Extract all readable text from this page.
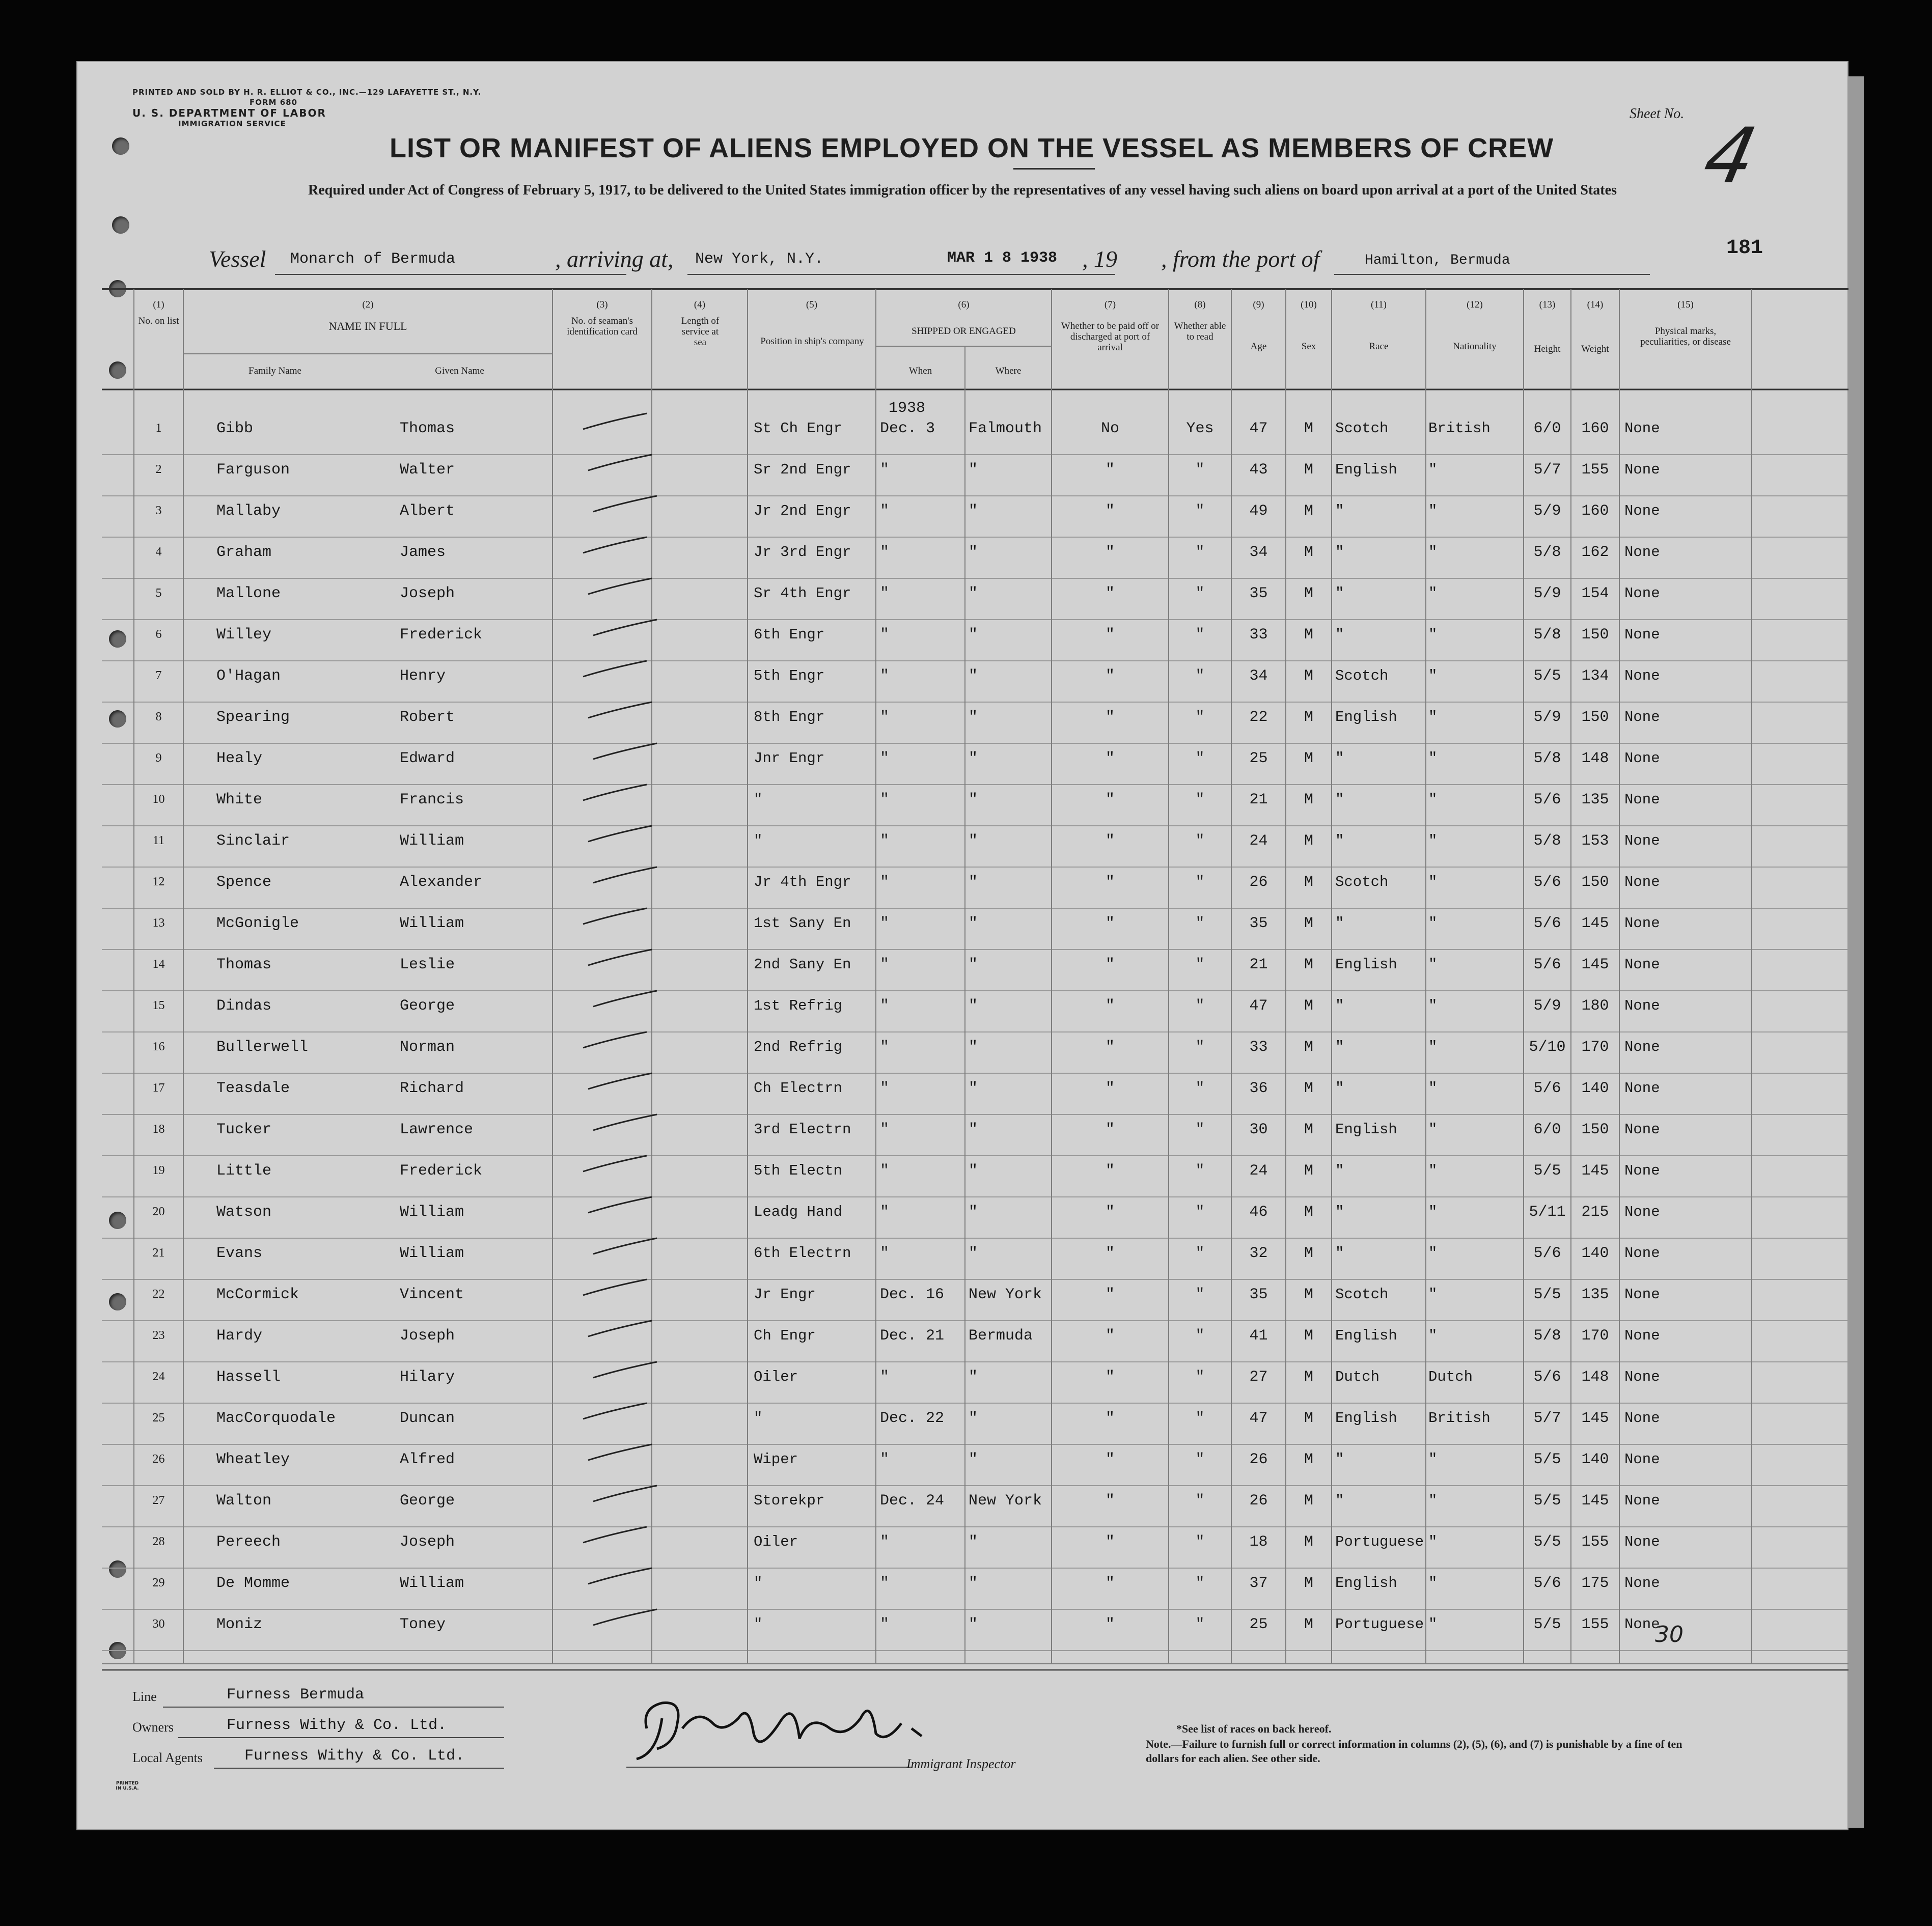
PRINTED AND SOLD BY H. R. ELLIOT & CO., INC.—129 LAFAYETTE ST., N.Y.
FORM 680
U. S. DEPARTMENT OF LABOR
IMMIGRATION SERVICE
Sheet No. 4
LIST OR MANIFEST OF ALIENS EMPLOYED ON THE VESSEL AS MEMBERS OF CREW
Required under Act of Congress of February 5, 1917, to be delivered to the United States immigration officer by the representatives of any vessel having such aliens on board upon arrival at a port of the United States
Vessel Monarch of Bermuda	, arriving at, New York, N.Y.	MAR 1 8 1938 , 19 , from the port of	Hamilton, Bermuda
181
(1)
No. on list
(2)
NAME IN FULL
Family Name	Given Name
(3)
No. of seaman's identification card
(4)
Length of service at sea
(5)
Position in ship's company
(6)
SHIPPED OR ENGAGED
When	Where
(7)
Whether to be paid off or discharged at port of arrival
(8)
Whether able to read
(9)
Age
(10)
Sex
(11)
Race
(12)
Nationality
(13)
Height
(14)
Weight
(15)
Physical marks, peculiarities, or disease
1938
1	Gibb	Thomas	St Ch Engr	Dec. 3	Falmouth	No	Yes	47	M	Scotch	British	6/0	160	None
2	Farguson	Walter	Sr 2nd Engr	"	"	"	"	43	M	English	"	5/7	155	None
3	Mallaby	Albert	Jr 2nd Engr	"	"	"	"	49	M	"	"	5/9	160	None
4	Graham	James	Jr 3rd Engr	"	"	"	"	34	M	"	"	5/8	162	None
5	Mallone	Joseph	Sr 4th Engr	"	"	"	"	35	M	"	"	5/9	154	None
6	Willey	Frederick	6th Engr	"	"	"	"	33	M	"	"	5/8	150	None
7	O'Hagan	Henry	5th Engr	"	"	"	"	34	M	Scotch	"	5/5	134	None
8	Spearing	Robert	8th Engr	"	"	"	"	22	M	English	"	5/9	150	None
9	Healy	Edward	Jnr Engr	"	"	"	"	25	M	"	"	5/8	148	None
10	White	Francis	"	"	"	"	"	21	M	"	"	5/6	135	None
11	Sinclair	William	"	"	"	"	"	24	M	"	"	5/8	153	None
12	Spence	Alexander	Jr 4th Engr	"	"	"	"	26	M	Scotch	"	5/6	150	None
13	McGonigle	William	1st Sany En	"	"	"	"	35	M	"	"	5/6	145	None
14	Thomas	Leslie	2nd Sany En	"	"	"	"	21	M	English	"	5/6	145	None
15	Dindas	George	1st Refrig	"	"	"	"	47	M	"	"	5/9	180	None
16	Bullerwell	Norman	2nd Refrig	"	"	"	"	33	M	"	"	5/10	170	None
17	Teasdale	Richard	Ch Electrn	"	"	"	"	36	M	"	"	5/6	140	None
18	Tucker	Lawrence	3rd Electrn	"	"	"	"	30	M	English	"	6/0	150	None
19	Little	Frederick	5th Electn	"	"	"	"	24	M	"	"	5/5	145	None
20	Watson	William	Leadg Hand	"	"	"	"	46	M	"	"	5/11	215	None
21	Evans	William	6th Electrn	"	"	"	"	32	M	"	"	5/6	140	None
22	McCormick	Vincent	Jr Engr	Dec. 16	New York	"	"	35	M	Scotch	"	5/5	135	None
23	Hardy	Joseph	Ch Engr	Dec. 21	Bermuda	"	"	41	M	English	"	5/8	170	None
24	Hassell	Hilary	Oiler	"	"	"	"	27	M	Dutch	Dutch	5/6	148	None
25	MacCorquodale	Duncan	"	Dec. 22	"	"	"	47	M	English	British	5/7	145	None
26	Wheatley	Alfred	Wiper	"	"	"	"	26	M	"	"	5/5	140	None
27	Walton	George	Storekpr	Dec. 24	New York	"	"	26	M	"	"	5/5	145	None
28	Pereech	Joseph	Oiler	"	"	"	"	18	M	Portuguese "	5/5	155	None
29	De Momme	William	"	"	"	"	"	37	M	English	"	5/6	175	None
30	Moniz	Toney	"	"	"	"	"	25	M	Portuguese "	5/5	155	None
30
Line	Furness Bermuda
Owners	Furness Withy & Co. Ltd.
Local Agents	Furness Withy & Co. Ltd.	Immigrant Inspector
*See list of races on back hereof.
Note.—Failure to furnish full or correct information in columns (2), (5), (6), and (7) is punishable by a fine of ten dollars for each alien. See other side.
PRINTED IN U.S.A.
